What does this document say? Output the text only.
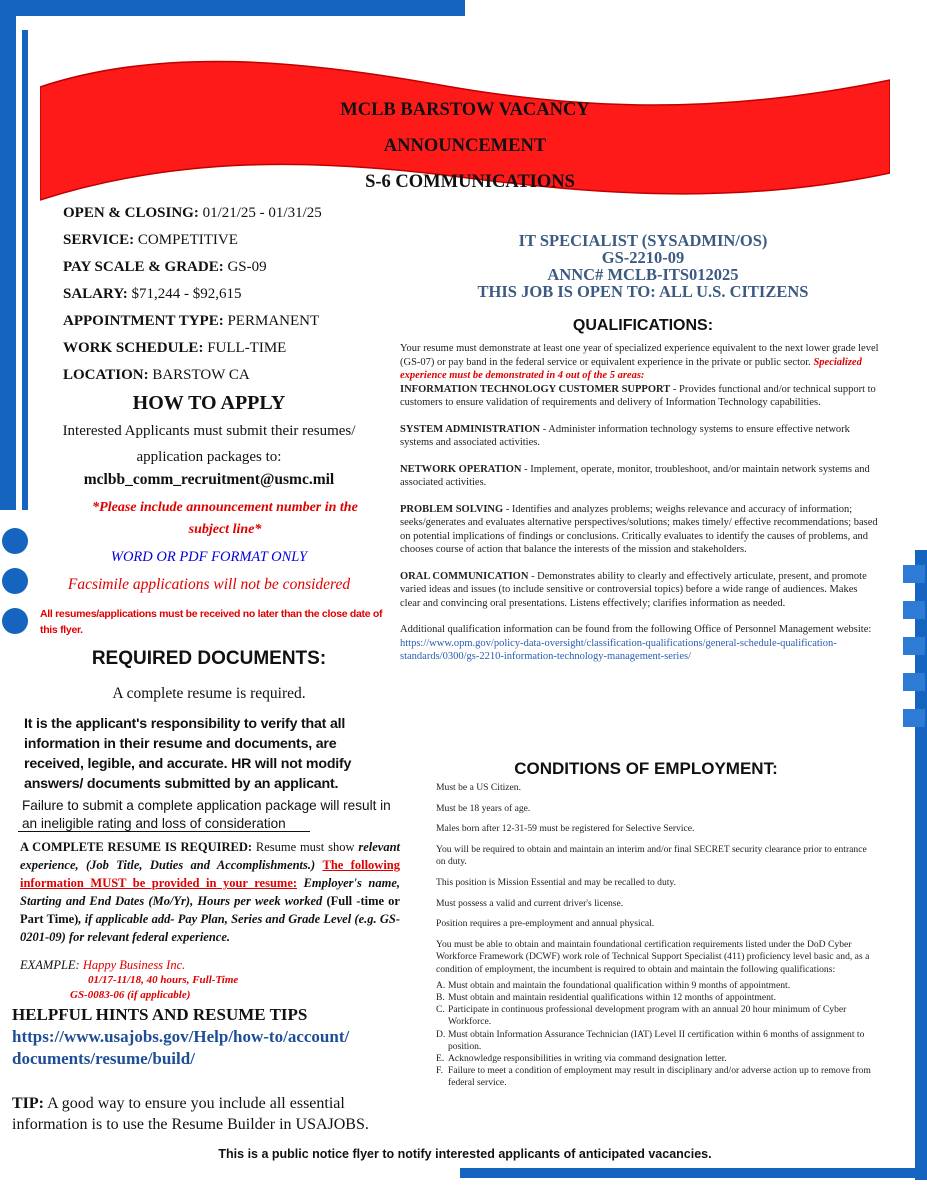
MCLB BARSTOW VACANCY
ANNOUNCEMENT
S-6 COMMUNICATIONS
OPEN & CLOSING: 01/21/25 - 01/31/25
SERVICE: COMPETITIVE
PAY SCALE & GRADE: GS-09
SALARY: $71,244 - $92,615
APPOINTMENT TYPE: PERMANENT
WORK SCHEDULE: FULL-TIME
LOCATION: BARSTOW CA
HOW TO APPLY
Interested Applicants must submit their resumes/
application packages to:
mclbb_comm_recruitment@usmc.mil
*Please include announcement number in the
subject line*
WORD OR PDF FORMAT ONLY
Facsimile applications will not be considered
All resumes/applications must be received no later than the close date of
this flyer.
REQUIRED DOCUMENTS:
A complete resume is required.
It is the applicant's responsibility to verify that all information in their resume and documents, are received, legible, and accurate. HR will not modify answers/ documents submitted by an applicant.
Failure to submit a complete application package will result in an ineligible rating and loss of consideration
A COMPLETE RESUME IS REQUIRED: Resume must show relevant experience, (Job Title, Duties and Accomplishments.) The following information MUST be provided in your resume: Employer's name, Starting and End Dates (Mo/Yr), Hours per week worked (Full -time or Part Time), if applicable add- Pay Plan, Series and Grade Level (e.g. GS-0201-09) for relevant federal experience.
EXAMPLE: Happy Business Inc.
01/17-11/18, 40 hours, Full-Time
GS-0083-06 (if applicable)
HELPFUL HINTS AND RESUME TIPS
https://www.usajobs.gov/Help/how-to/account/
documents/resume/build/
TIP: A good way to ensure you include all essential information is to use the Resume Builder in USAJOBS.
IT SPECIALIST (SYSADMIN/OS)
GS-2210-09
ANNC# MCLB-ITS012025
THIS JOB IS OPEN TO: ALL U.S. CITIZENS
QUALIFICATIONS:

Your resume must demonstrate at least one year of specialized experience equivalent to the next lower grade level (GS-07) or pay band in the federal service or equivalent experience in the private or public sector. Specialized experience must be demonstrated in 4 out of the 5 areas:

INFORMATION TECHNOLOGY CUSTOMER SUPPORT - Provides functional and/or technical support to customers to ensure validation of requirements and delivery of Information Technology capabilities.

SYSTEM ADMINISTRATION - Administer information technology systems to ensure effective network systems and associated activities.

NETWORK OPERATION - Implement, operate, monitor, troubleshoot, and/or maintain network systems and associated activities.

PROBLEM SOLVING - Identifies and analyzes problems; weighs relevance and accuracy of information; seeks/generates and evaluates alternative perspectives/solutions; makes timely/ effective recommendations; based on potential implications of findings or conclusions. Critically evaluates to identify the causes of problems, and chooses course of action that balance the interests of the mission and stakeholders.

ORAL COMMUNICATION - Demonstrates ability to clearly and effectively articulate, present, and promote varied ideas and issues (to include sensitive or controversial topics) before a wide range of audiences. Makes clear and convincing oral presentations. Listens effectively; clarifies information as needed.

Additional qualification information can be found from the following Office of Personnel Management website: https://www.opm.gov/policy-data-oversight/classification-qualifications/general-schedule-qualification-standards/0300/gs-2210-information-technology-management-series/

CONDITIONS OF EMPLOYMENT:

Must be a US Citizen.

Must be 18 years of age.

Males born after 12-31-59 must be registered for Selective Service.

You will be required to obtain and maintain an interim and/or final SECRET security clearance prior to entrance on duty.

This position is Mission Essential and may be recalled to duty.

Must possess a valid and current driver's license.

Position requires a pre-employment and annual physical.

You must be able to obtain and maintain foundational certification requirements listed under the DoD Cyber Workforce Framework (DCWF) work role of Technical Support Specialist (411) proficiency level basic and, as a condition of employment, the incumbent is required to obtain and maintain the following qualifications:

A. Must obtain and maintain the foundational qualification within 9 months of appointment.
B. Must obtain and maintain residential qualifications within 12 months of appointment.
C. Participate in continuous professional development program with an annual 20 hour minimum of Cyber Workforce.
D. Must obtain Information Assurance Technician (IAT) Level II certification within 6 months of assignment to position.
E. Acknowledge responsibilities in writing via command designation letter.
F. Failure to meet a condition of employment may result in disciplinary and/or adverse action up to remove from federal service.
This is a public notice flyer to notify interested applicants of anticipated vacancies.
